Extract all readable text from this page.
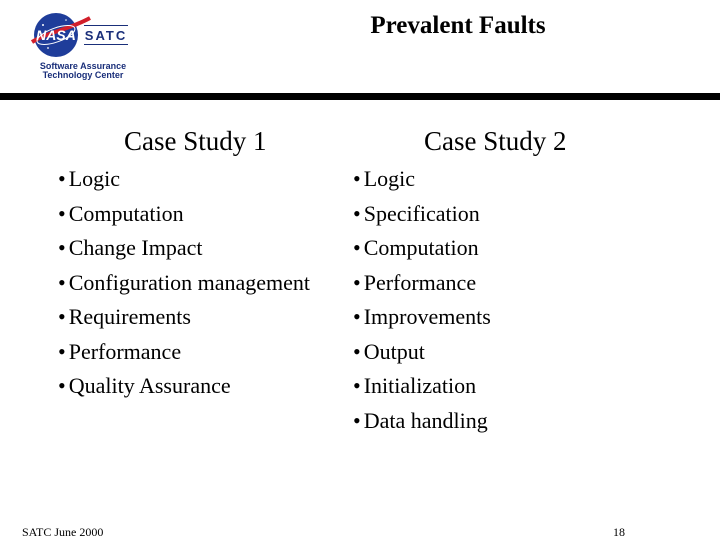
NASA SATC
Software Assurance
Technology Center
Prevalent Faults
Case Study 1	Case Study 2
• Logic
• Computation
• Change Impact
• Configuration management
• Requirements
• Performance
• Quality Assurance
• Logic
• Specification
• Computation
• Performance
• Improvements
• Output
• Initialization
• Data handling
SATC June 2000	18
